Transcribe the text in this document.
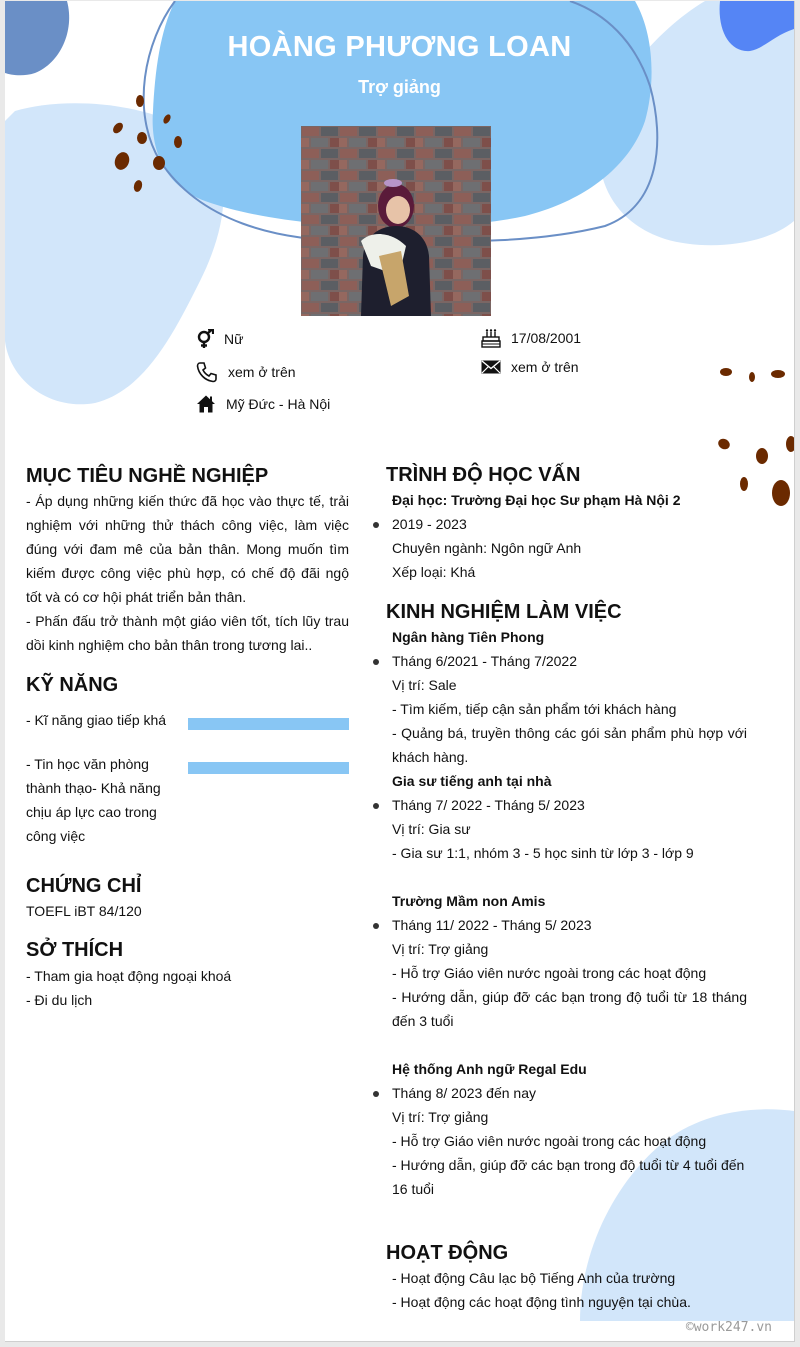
HOÀNG PHƯƠNG LOAN
Trợ giảng
Nữ
xem ở trên
Mỹ Đức - Hà Nội
17/08/2001
xem ở trên
MỤC TIÊU NGHỀ NGHIỆP
- Áp dụng những kiến thức đã học vào thực tế, trải nghiệm với những thử thách công việc, làm việc đúng với đam mê của bản thân. Mong muốn tìm kiếm được công việc phù hợp, có chế độ đãi ngộ tốt và có cơ hội phát triển bản thân.
- Phấn đấu trở thành một giáo viên tốt, tích lũy trau dồi kinh nghiệm cho bản thân trong tương lai..
KỸ NĂNG
- Kĩ năng giao tiếp khá
- Tin học văn phòng thành thạo- Khả năng chịu áp lực cao trong công việc
CHỨNG CHỈ
TOEFL iBT 84/120
SỞ THÍCH
- Tham gia hoạt động ngoại khoá
- Đi du lịch
TRÌNH ĐỘ HỌC VẤN
Đại học: Trường Đại học Sư phạm Hà Nội 2
2019 - 2023
Chuyên ngành: Ngôn ngữ Anh
Xếp loại: Khá
KINH NGHIỆM LÀM VIỆC
Ngân hàng Tiên Phong
Tháng 6/2021 - Tháng 7/2022
Vị trí: Sale
- Tìm kiếm, tiếp cận sản phẩm tới khách hàng
- Quảng bá, truyền thông các gói sản phẩm phù hợp với khách hàng.
Gia sư tiếng anh tại nhà
Tháng 7/ 2022 - Tháng 5/ 2023
Vị trí: Gia sư
- Gia sư 1:1, nhóm 3 - 5 học sinh từ lớp 3 - lớp 9
Trường Mầm non Amis
Tháng 11/ 2022 - Tháng 5/ 2023
Vị trí: Trợ giảng
- Hỗ trợ Giáo viên nước ngoài trong các hoạt động
- Hướng dẫn, giúp đỡ các bạn trong độ tuổi từ 18 tháng đến 3 tuổi
Hệ thống Anh ngữ Regal Edu
Tháng 8/ 2023 đến nay
Vị trí: Trợ giảng
- Hỗ trợ Giáo viên nước ngoài trong các hoạt động
- Hướng dẫn, giúp đỡ các bạn trong độ tuổi từ 4 tuổi đến 16 tuổi
HOẠT ĐỘNG
- Hoạt động Câu lạc bộ Tiếng Anh của trường
- Hoạt động các hoạt động tình nguyện tại chùa.
©work247.vn
